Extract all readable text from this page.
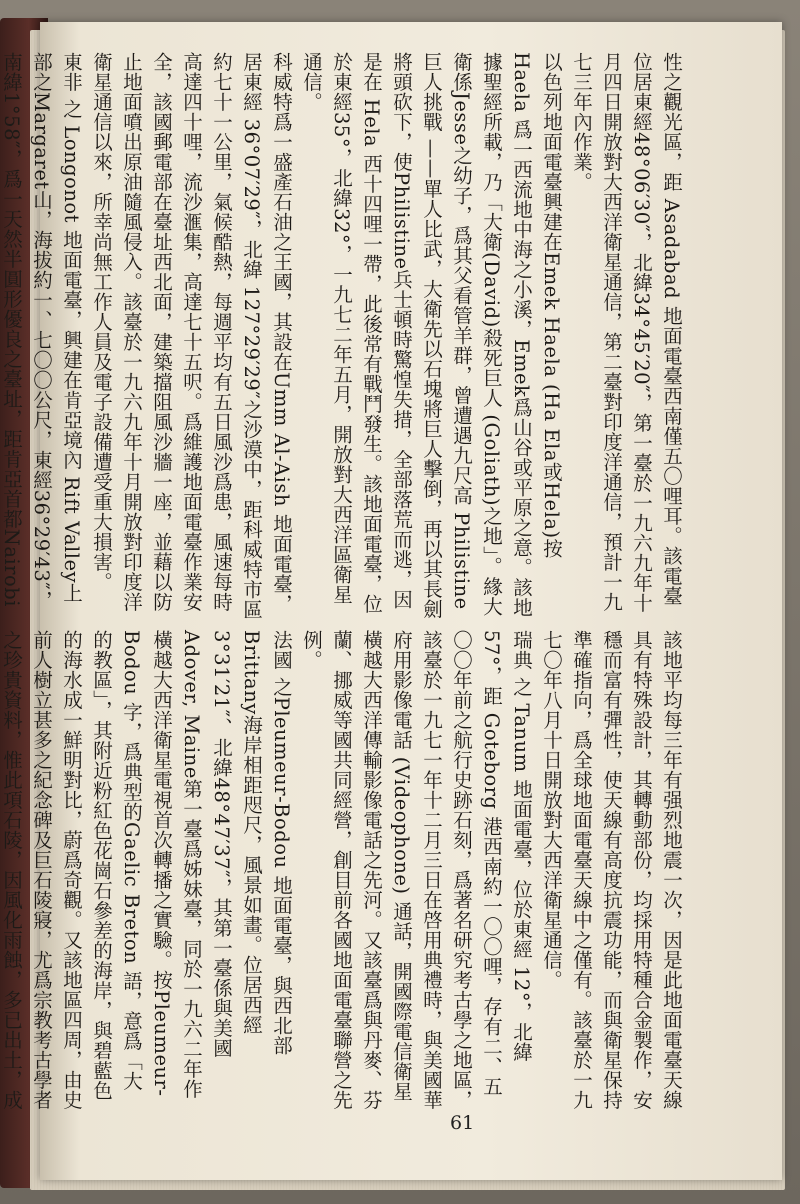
性之觀光區，距 Asadabad 地面電臺西南僅五〇哩耳。該電臺位居東經48°06′30″，北緯34°45′20″，第一臺於一九六九年十月四日開放對大西洋衛星通信，第二臺對印度洋通信，預計一九七三年內作業。

以色列地面電臺興建在Emek Haela (Ha Ela或Hela)按 Haela 爲一西流地中海之小溪，Emek爲山谷或平原之意。該地據聖經所載，乃「大衛(David)殺死巨人 (Goliath)之地」。緣大衛係Jesse之幼子，爲其父看管羊群，曾遭遇九尺高 Philistine 巨人挑戰 ——單人比武，大衛先以石塊將巨人擊倒，再以其長劍將頭砍下，使Philistine兵士頓時驚惶失措，全部落荒而逃，因是在 Hela 西十四哩一帶，此後常有戰鬥發生。該地面電臺，位於東經35°，北緯32°，一九七二年五月，開放對大西洋區衛星通信。

科威特爲一盛產石油之王國，其設在Umm Al-Aish 地面電臺，居東經 36°07′29″，北緯 127°29′29″之沙漠中，距科威特市區約七十一公里，氣候酷熱，每週平均有五日風沙爲患，風速每時高達四十哩，流沙滙集，高達七十五呎。爲維護地面電臺作業安全，該國郵電部在臺址西北面，建築擋阻風沙牆一座，並藉以防止地面噴出原油隨風侵入。該臺於一九六九年十月開放對印度洋衛星通信以來，所幸尚無工作人員及電子設備遭受重大損害。

東非 之 Longonot 地面電臺，興建在肯亞境內 Rift Valley上部之Margaret山，海拔約一、七〇〇公尺，東經36°29′43″，南緯1°58″，爲一天然半圓形優良之臺址，距肯亞首都Nairobi

該地平均每三年有强烈地震一次，因是此地面電臺天線具有特殊設計，其轉動部份，均採用特種合金製作，安穩而富有彈性，使天線有高度抗震功能，而與衛星保持準確指向，爲全球地面電臺天線中之僅有。該臺於一九七〇年八月十日開放對大西洋衛星通信。

瑞典 之 Tanum 地面電臺，位於東經 12°，北緯57°，距 Goteborg 港西南約一〇〇哩，存有二、五〇〇年前之航行史跡石刻，爲著名研究考古學之地區，該臺於一九七一年十二月三日在啓用典禮時，與美國華府用影像電話 (Videophone) 通話，開國際電信衛星橫越大西洋傳輸影像電話之先河。又該臺爲與丹麥、芬蘭、挪威等國共同經營，創目前各國地面電臺聯營之先例。

法國 之Pleumeur-Bodou 地面電臺，與西北部Brittany海岸相距咫尺，風景如畫。位居西經3°31′21″、北緯48°47′37″，其第一臺係與美國 Adover, Maine第一臺爲姊妹臺，同於一九六二年作橫越大西洋衛星電視首次轉播之實驗。按Pleumeur-Bodou 字，爲典型的Gaelic Breton 語，意爲「大的教區」，其附近粉紅色花崗石參差的海岸，與碧藍色的海水成一鮮明對比，蔚爲奇觀。又該地區四周，由史前人樹立甚多之紀念碑及巨石陵寢，尤爲宗教考古學者之珍貴資料，惟此項石陵，因風化雨蝕，多已出土，成

61
